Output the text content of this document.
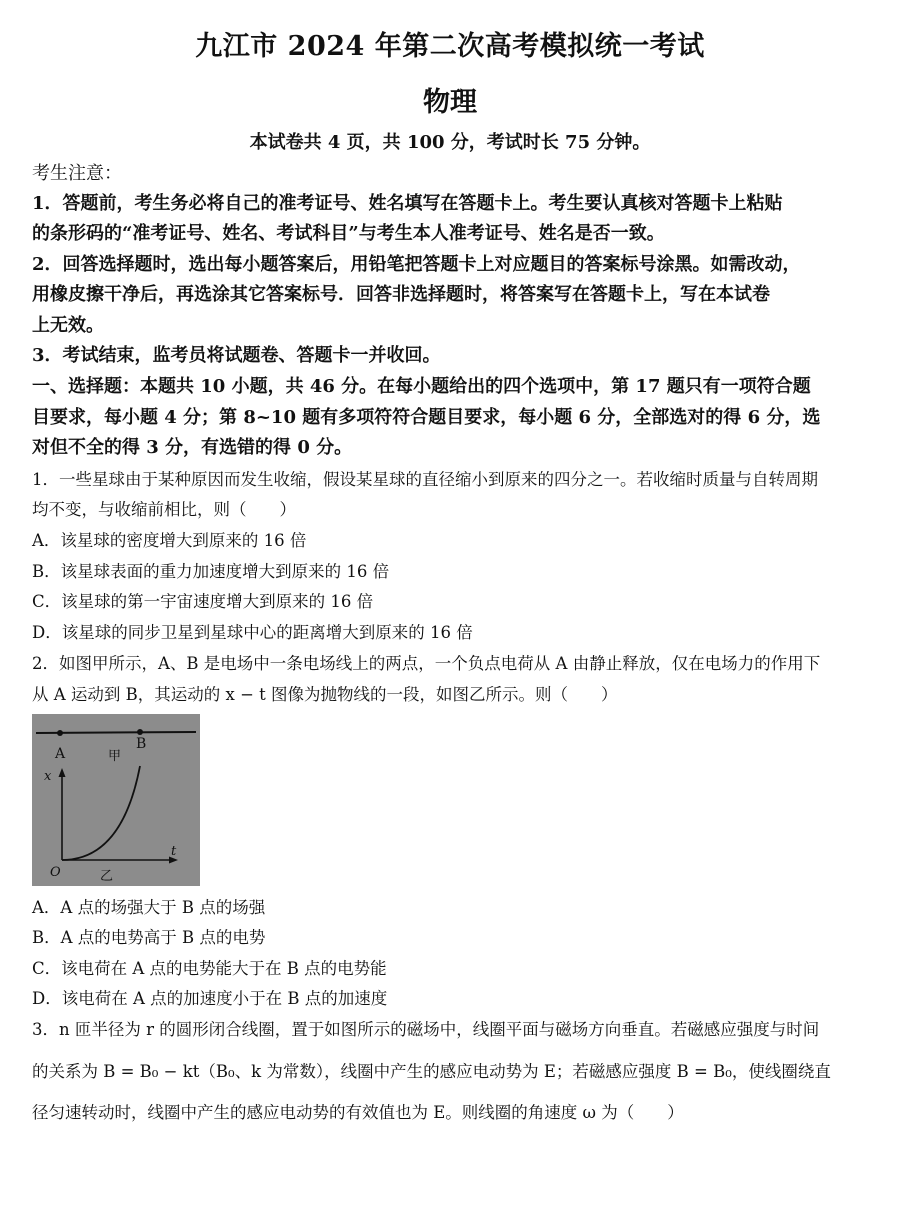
九江市 2024 年第二次高考模拟统一考试
物理
本试卷共 4 页，共 100 分，考试时长 75 分钟。
考生注意：
1．答题前，考生务必将自己的准考证号、姓名填写在答题卡上。考生要认真核对答题卡上粘贴
的条形码的“准考证号、姓名、考试科目”与考生本人准考证号、姓名是否一致。
2．回答选择题时，选出每小题答案后，用铅笔把答题卡上对应题目的答案标号涂黑。如需改动，
用橡皮擦干净后，再选涂其它答案标号．回答非选择题时，将答案写在答题卡上，写在本试卷
上无效。
3．考试结束，监考员将试题卷、答题卡一并收回。
一、选择题：本题共 10 小题，共 46 分。在每小题给出的四个选项中，第 17 题只有一项符合题
目要求，每小题 4 分；第 8~10 题有多项符符合题目要求，每小题 6 分，全部选对的得 6 分，选
对但不全的得 3 分，有选错的得 0 分。
1．一些星球由于某种原因而发生收缩，假设某星球的直径缩小到原来的四分之一。若收缩时质量与自转周期
均不变，与收缩前相比，则（　　）
A．该星球的密度增大到原来的 16 倍
B．该星球表面的重力加速度增大到原来的 16 倍
C．该星球的第一宇宙速度增大到原来的 16 倍
D．该星球的同步卫星到星球中心的距离增大到原来的 16 倍
2．如图甲所示，A、B 是电场中一条电场线上的两点，一个负点电荷从 A 由静止释放，仅在电场力的作用下
从 A 运动到 B，其运动的 x − t 图像为抛物线的一段，如图乙所示。则（　　）
A
B
甲
x
O
t
乙
A．A 点的场强大于 B 点的场强
B．A 点的电势高于 B 点的电势
C．该电荷在 A 点的电势能大于在 B 点的电势能
D．该电荷在 A 点的加速度小于在 B 点的加速度
3．n 匝半径为 r 的圆形闭合线圈，置于如图所示的磁场中，线圈平面与磁场方向垂直。若磁感应强度与时间
的关系为 B = B₀ − kt（B₀、k 为常数），线圈中产生的感应电动势为 E；若磁感应强度 B = B₀，使线圈绕直
径匀速转动时，线圈中产生的感应电动势的有效值也为 E。则线圈的角速度 ω 为（　　）
